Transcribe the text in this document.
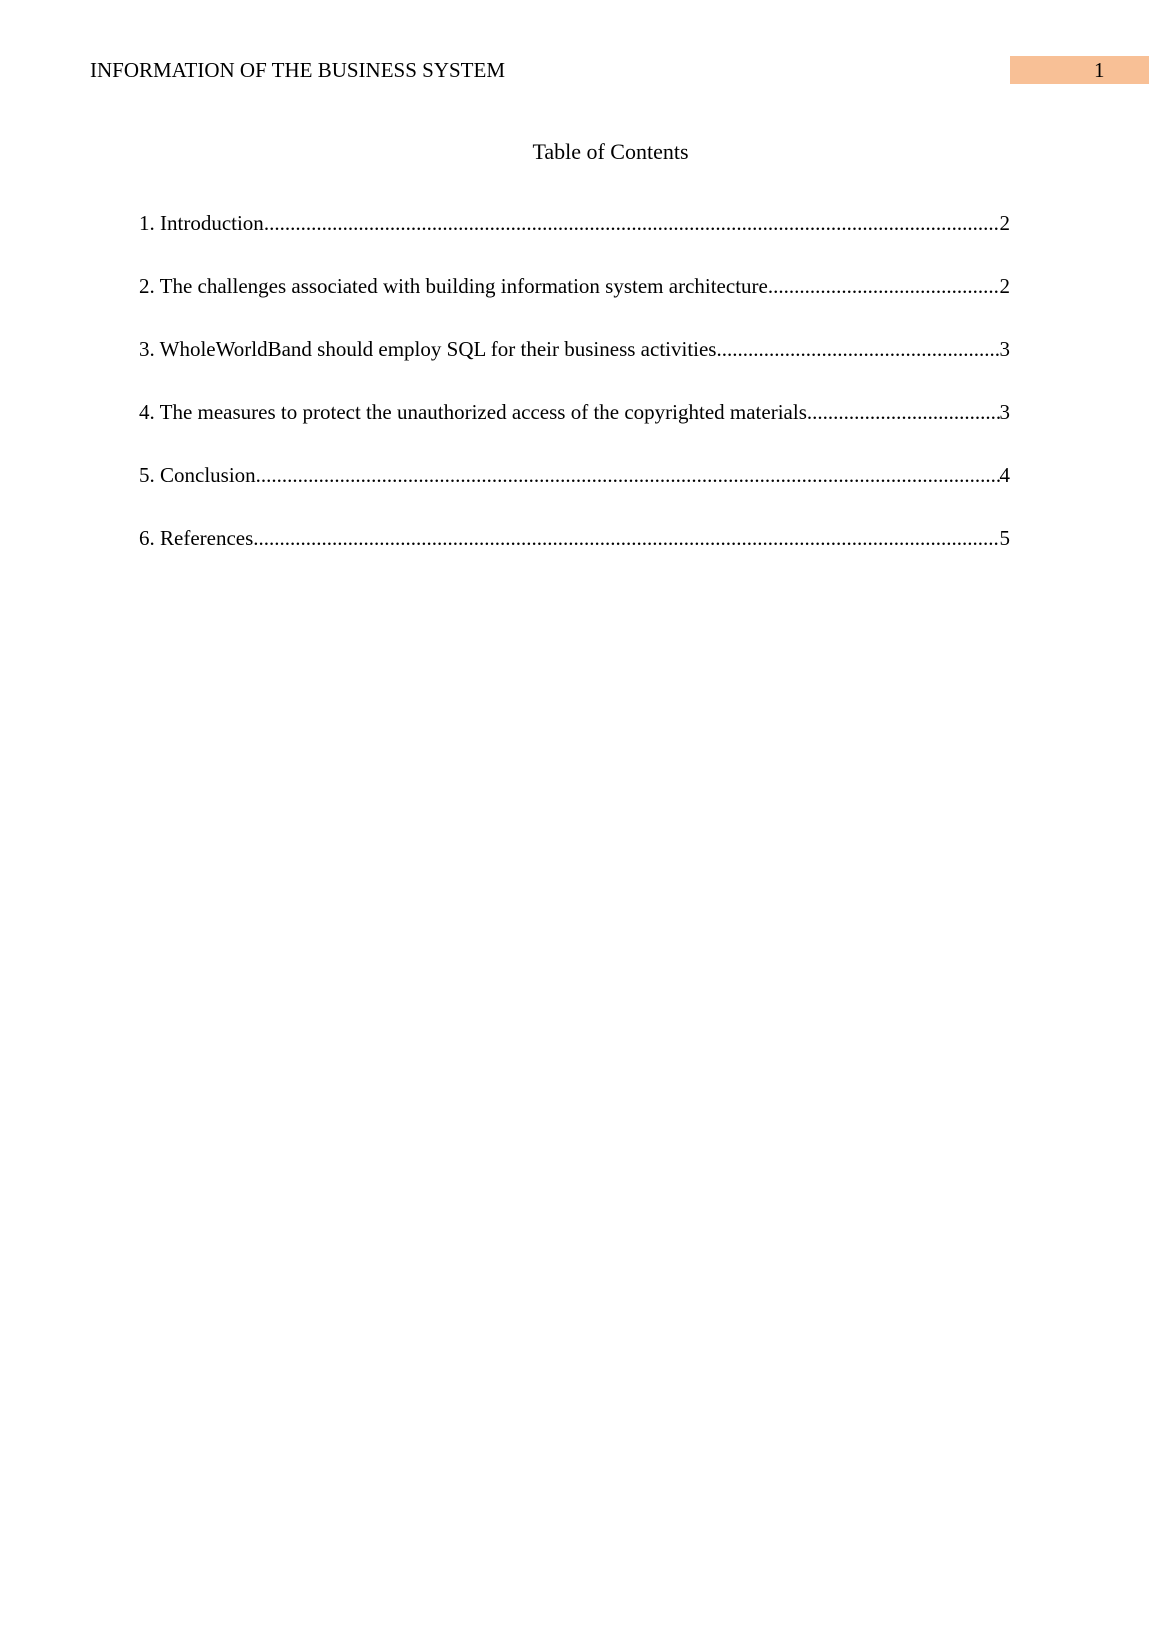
INFORMATION OF THE BUSINESS SYSTEM	1
Table of Contents
1. Introduction .....	2
2. The challenges associated with building information system architecture .....	2
3. WholeWorldBand should employ SQL for their business activities .....	3
4. The measures to protect the unauthorized access of the copyrighted materials .....	3
5. Conclusion .....	4
6. References .....	5
